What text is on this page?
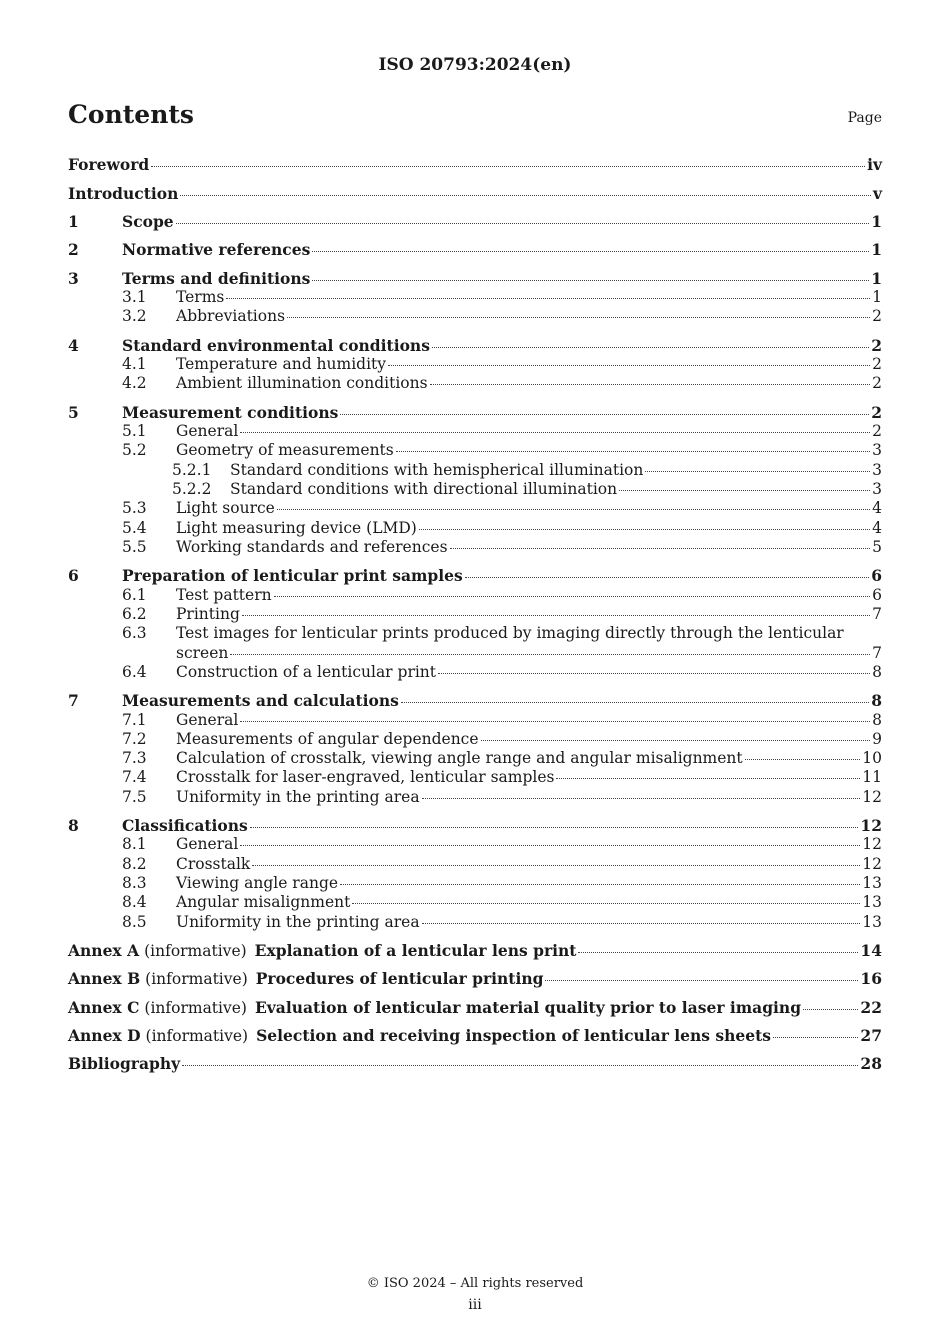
ISO 20793:2024(en)
Contents	Page
Foreword	iv
Introduction	v
1	Scope	1
2	Normative references	1
3	Terms and definitions	1
3.1	Terms	1
3.2	Abbreviations	2
4	Standard environmental conditions	2
4.1	Temperature and humidity	2
4.2	Ambient illumination conditions	2
5	Measurement conditions	2
5.1	General	2
5.2	Geometry of measurements	3
5.2.1	Standard conditions with hemispherical illumination	3
5.2.2	Standard conditions with directional illumination	3
5.3	Light source	4
5.4	Light measuring device (LMD)	4
5.5	Working standards and references	5
6	Preparation of lenticular print samples	6
6.1	Test pattern	6
6.2	Printing	7
6.3	Test images for lenticular prints produced by imaging directly through the lenticular
screen	7
6.4	Construction of a lenticular print	8
7	Measurements and calculations	8
7.1	General	8
7.2	Measurements of angular dependence	9
7.3	Calculation of crosstalk, viewing angle range and angular misalignment	10
7.4	Crosstalk for laser-engraved, lenticular samples	11
7.5	Uniformity in the printing area	12
8	Classifications	12
8.1	General	12
8.2	Crosstalk	12
8.3	Viewing angle range	13
8.4	Angular misalignment	13
8.5	Uniformity in the printing area	13
Annex A (informative) Explanation of a lenticular lens print	14
Annex B (informative) Procedures of lenticular printing	16
Annex C (informative) Evaluation of lenticular material quality prior to laser imaging	22
Annex D (informative) Selection and receiving inspection of lenticular lens sheets	27
Bibliography	28
© ISO 2024 – All rights reserved
iii
